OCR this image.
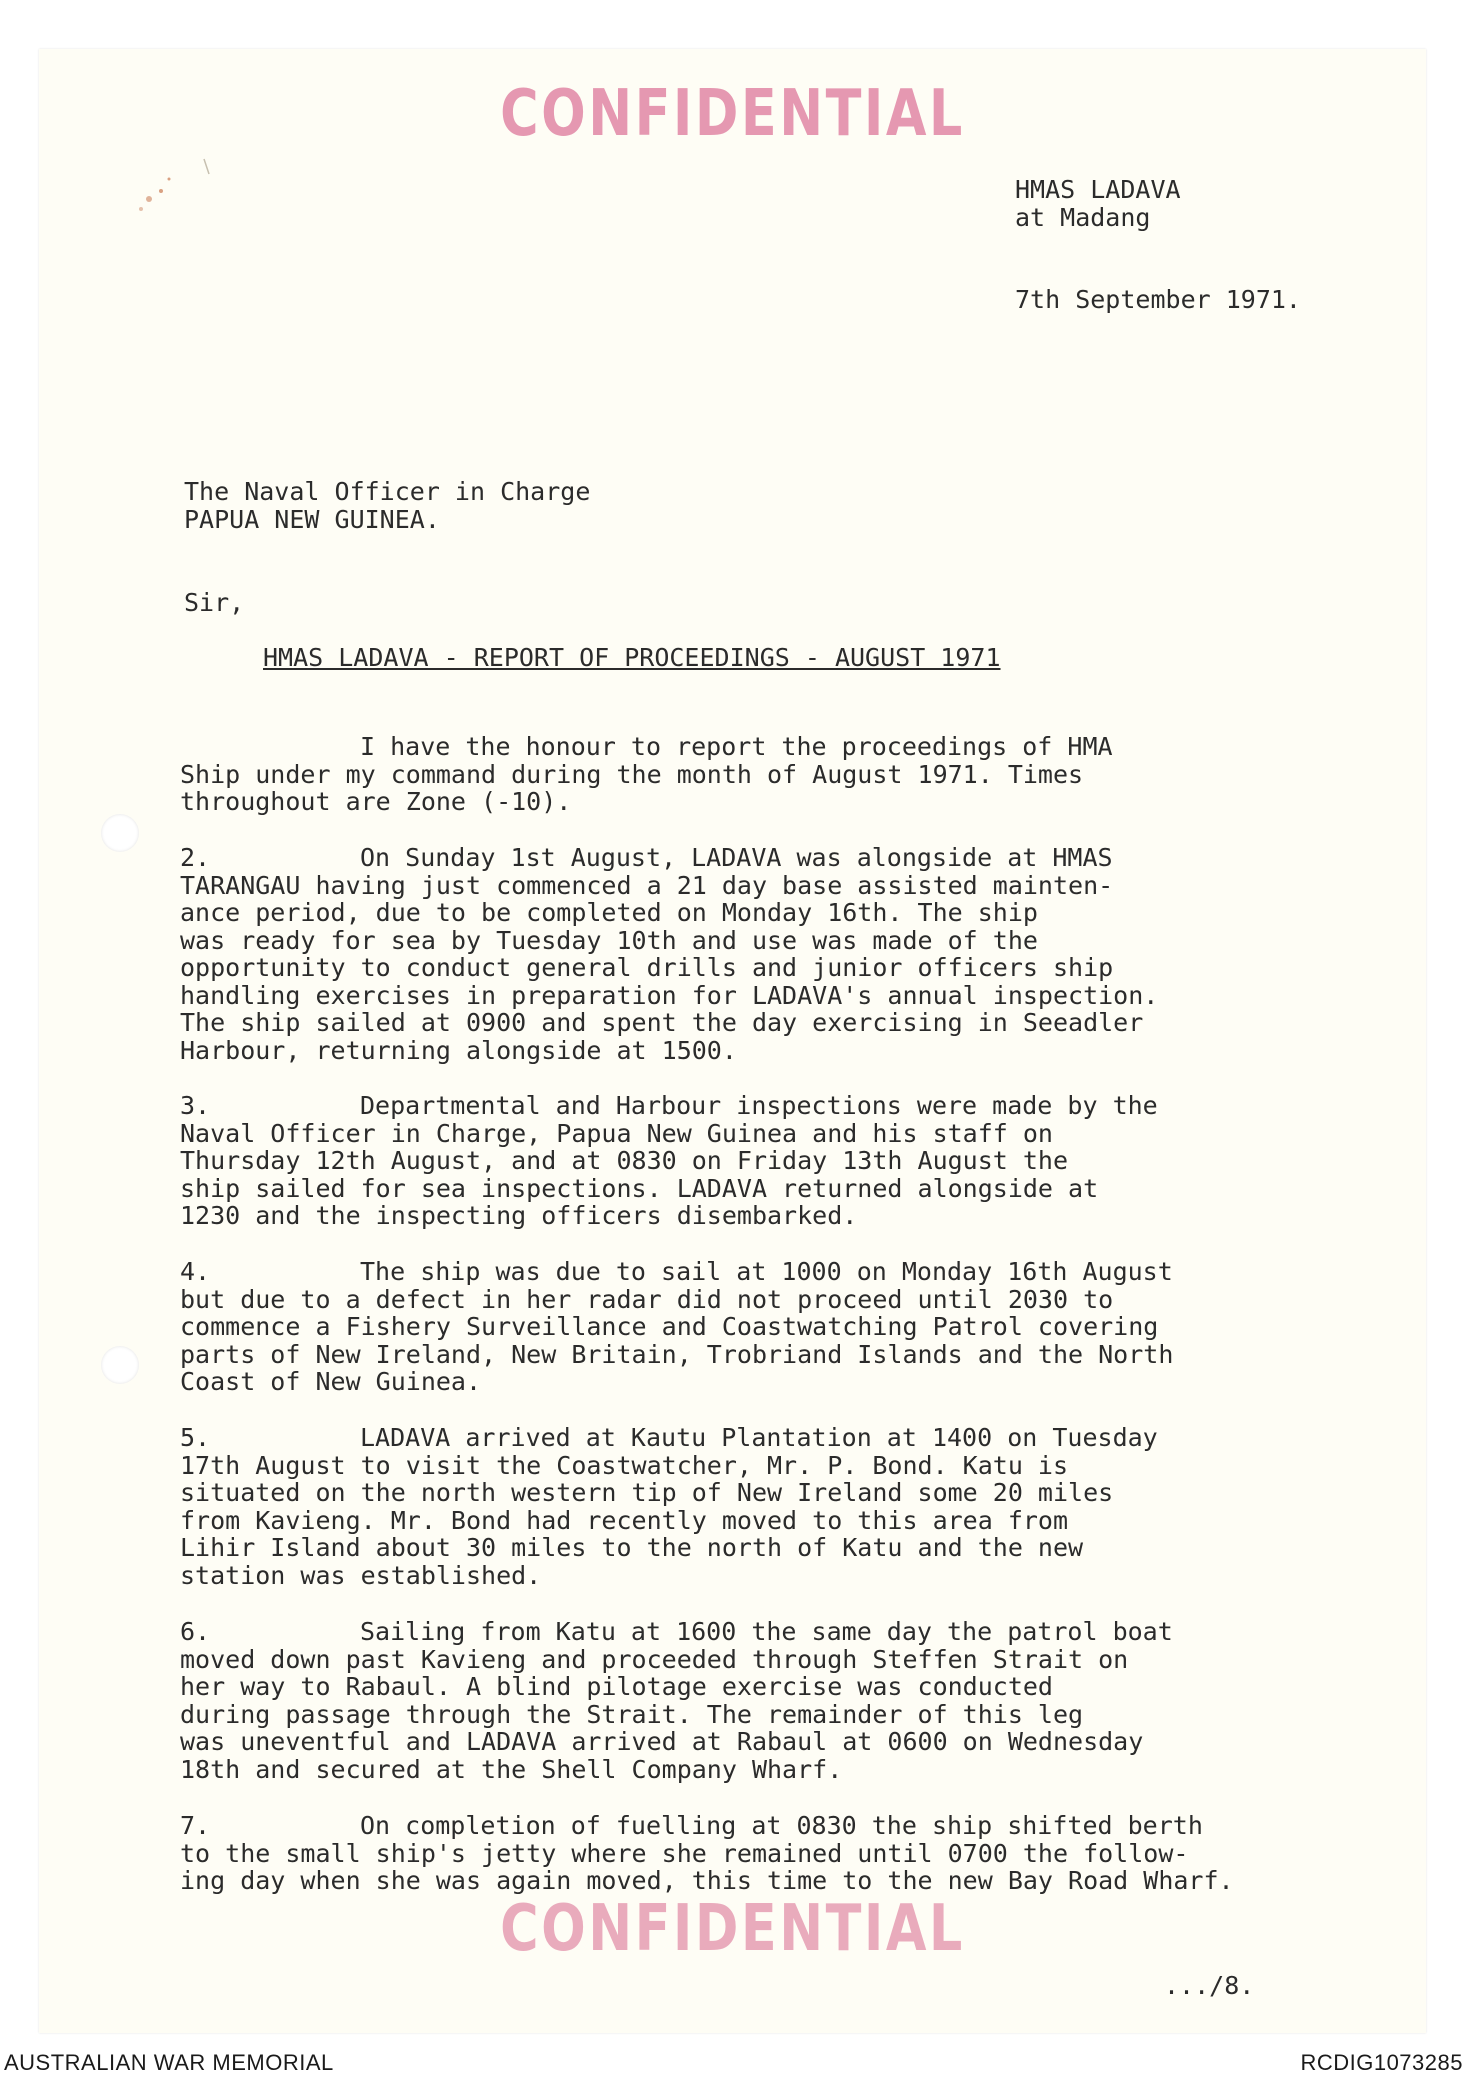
CONFIDENTIAL
HMAS LADAVA
at Madang
7th September 1971.
The Naval Officer in Charge
PAPUA NEW GUINEA.
Sir,
HMAS LADAVA - REPORT OF PROCEEDINGS - AUGUST 1971

I have the honour to report the proceedings of HMA
Ship under my command during the month of August 1971. Times
throughout are Zone (-10).

2.	On Sunday 1st August, LADAVA was alongside at HMAS
TARANGAU having just commenced a 21 day base assisted mainten-
ance period, due to be completed on Monday 16th. The ship
was ready for sea by Tuesday 10th and use was made of the
opportunity to conduct general drills and junior officers ship
handling exercises in preparation for LADAVA's annual inspection.
The ship sailed at 0900 and spent the day exercising in Seeadler
Harbour, returning alongside at 1500.

3.	Departmental and Harbour inspections were made by the
Naval Officer in Charge, Papua New Guinea and his staff on
Thursday 12th August, and at 0830 on Friday 13th August the
ship sailed for sea inspections. LADAVA returned alongside at
1230 and the inspecting officers disembarked.

4.	The ship was due to sail at 1000 on Monday 16th August
but due to a defect in her radar did not proceed until 2030 to
commence a Fishery Surveillance and Coastwatching Patrol covering
parts of New Ireland, New Britain, Trobriand Islands and the North
Coast of New Guinea.

5.	LADAVA arrived at Kautu Plantation at 1400 on Tuesday
17th August to visit the Coastwatcher, Mr. P. Bond. Katu is
situated on the north western tip of New Ireland some 20 miles
from Kavieng. Mr. Bond had recently moved to this area from
Lihir Island about 30 miles to the north of Katu and the new
station was established.

6.	Sailing from Katu at 1600 the same day the patrol boat
moved down past Kavieng and proceeded through Steffen Strait on
her way to Rabaul. A blind pilotage exercise was conducted
during passage through the Strait. The remainder of this leg
was uneventful and LADAVA arrived at Rabaul at 0600 on Wednesday
18th and secured at the Shell Company Wharf.

7.	On completion of fuelling at 0830 the ship shifted berth
to the small ship's jetty where she remained until 0700 the follow-
ing day when she was again moved, this time to the new Bay Road Wharf.

CONFIDENTIAL
.../8.
AUSTRALIAN WAR MEMORIAL	RCDIG1073285
